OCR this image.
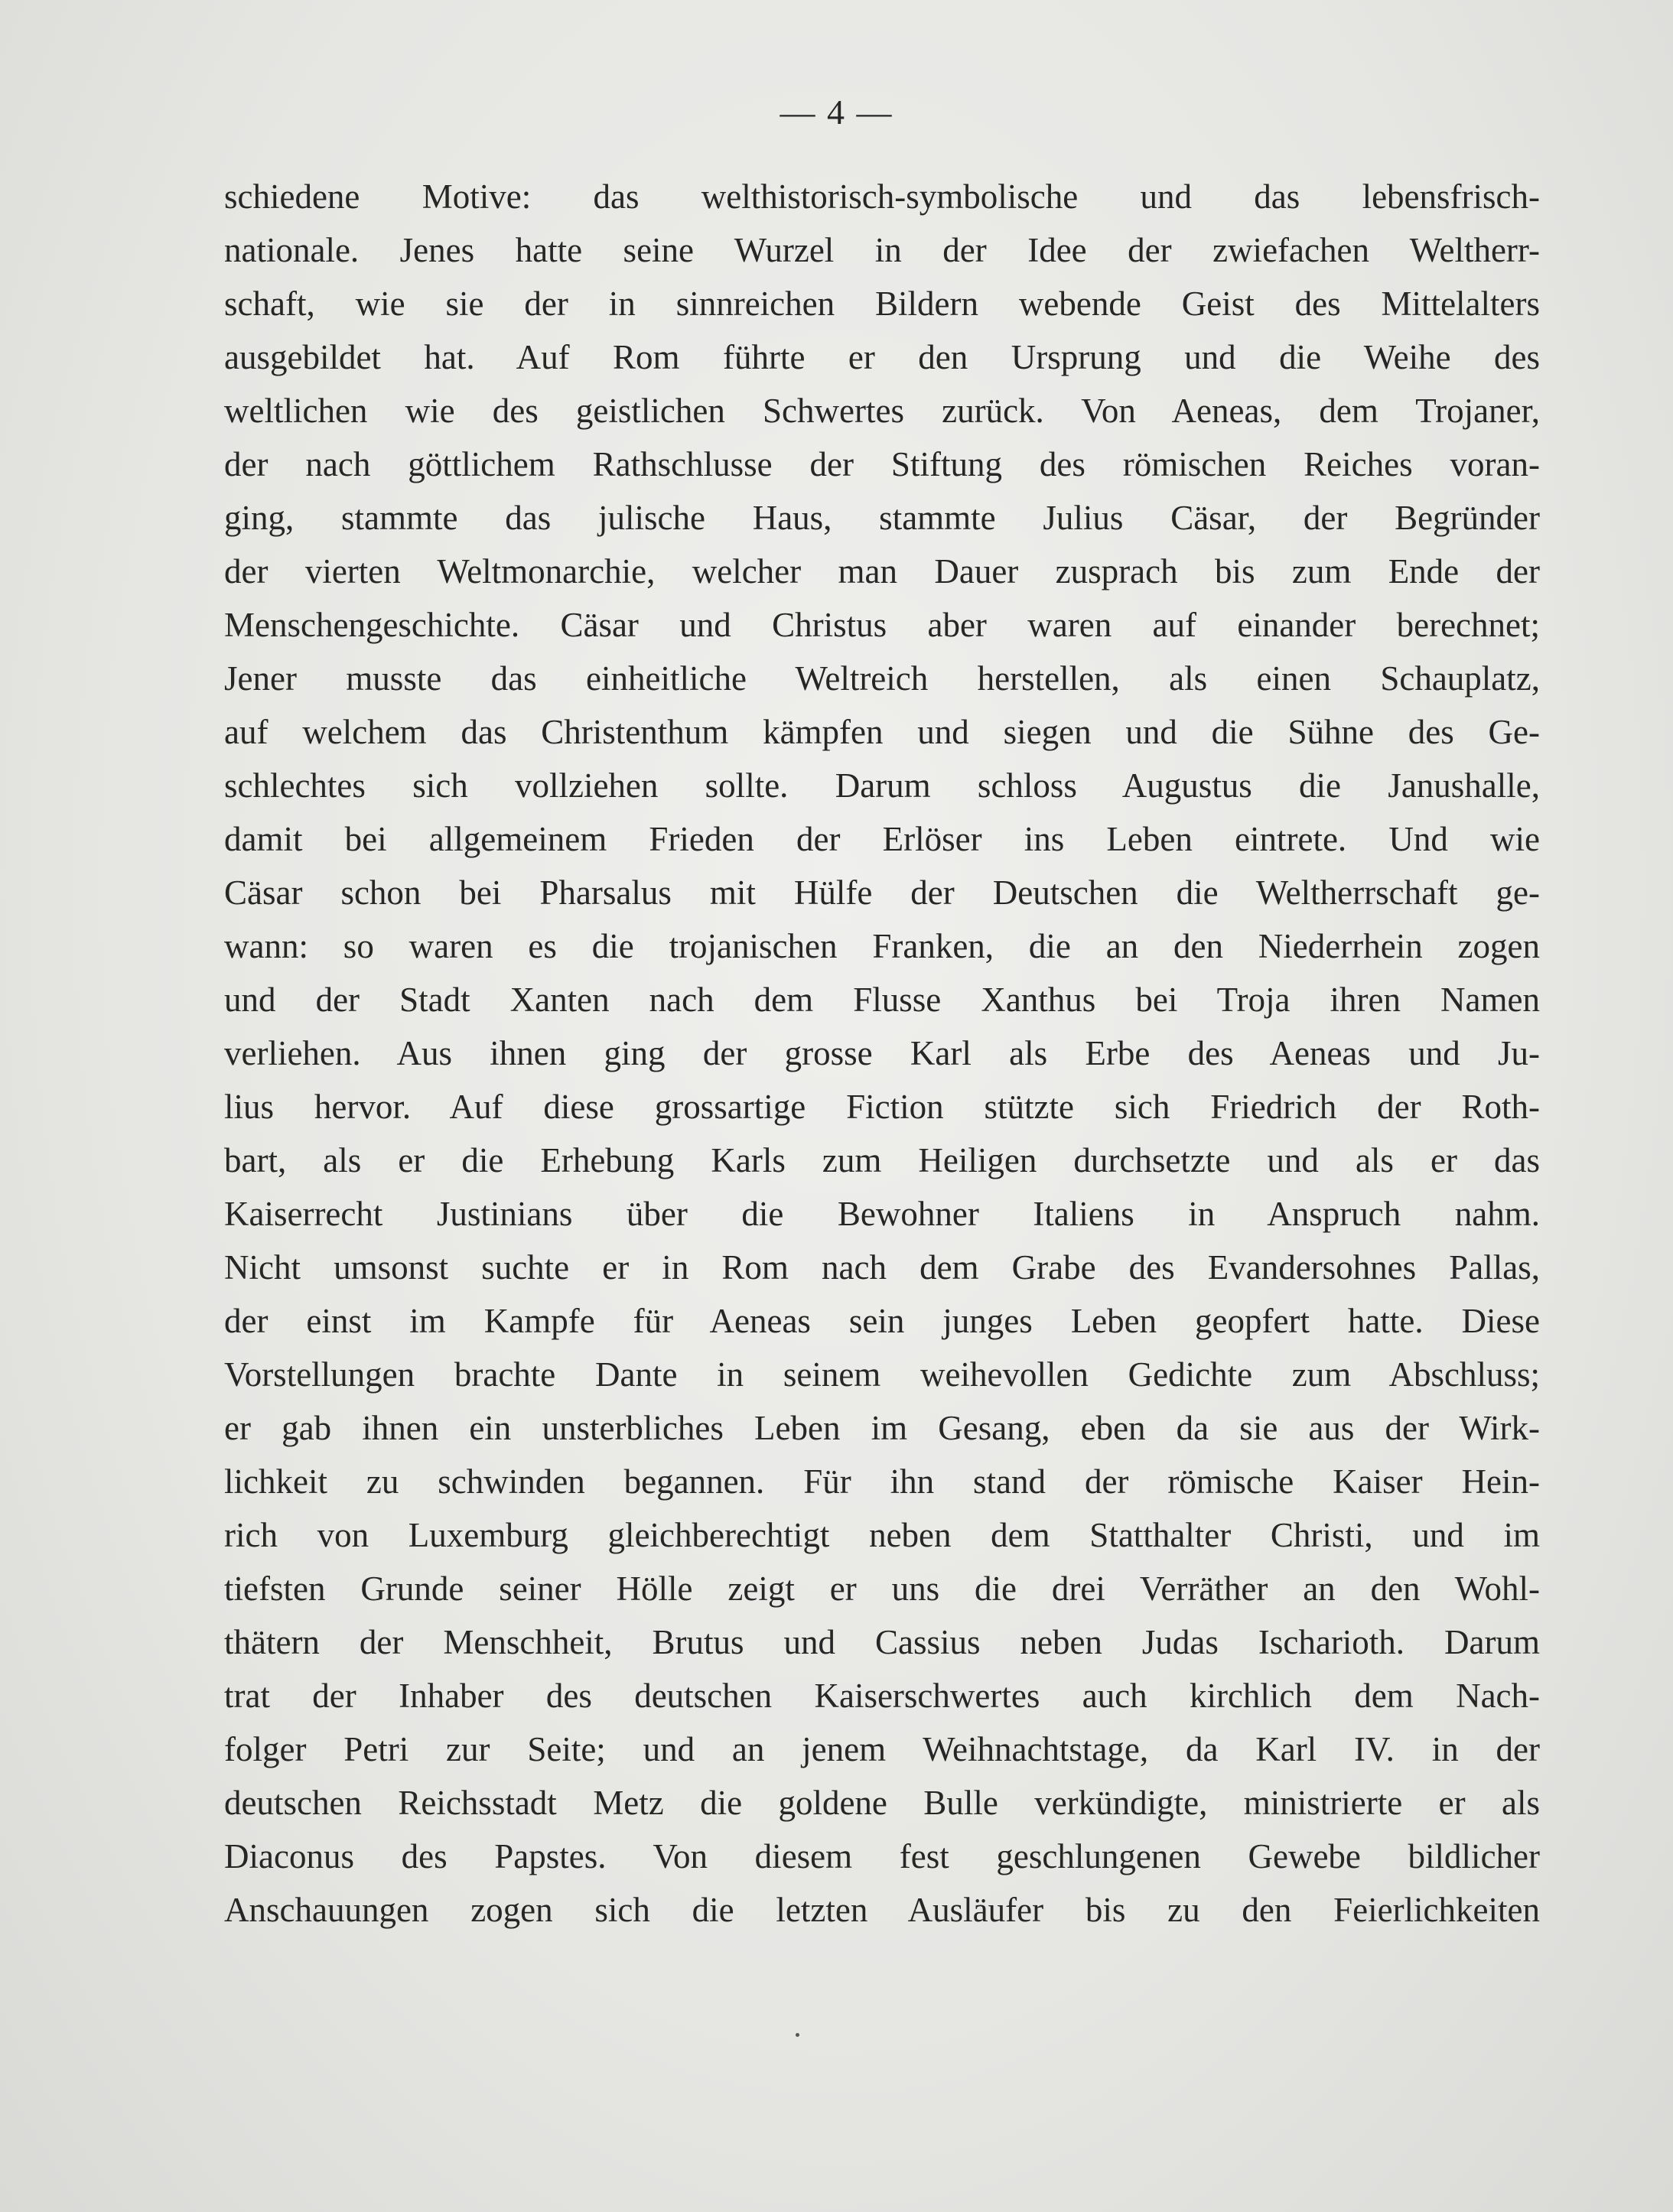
— 4 —
schiedene Motive: das welthistorisch-symbolische und das lebensfrisch-
nationale. Jenes hatte seine Wurzel in der Idee der zwiefachen Weltherr-
schaft, wie sie der in sinnreichen Bildern webende Geist des Mittelalters
ausgebildet hat. Auf Rom führte er den Ursprung und die Weihe des
weltlichen wie des geistlichen Schwertes zurück. Von Aeneas, dem Trojaner,
der nach göttlichem Rathschlusse der Stiftung des römischen Reiches voran-
ging, stammte das julische Haus, stammte Julius Cäsar, der Begründer
der vierten Weltmonarchie, welcher man Dauer zusprach bis zum Ende der
Menschengeschichte. Cäsar und Christus aber waren auf einander berechnet;
Jener musste das einheitliche Weltreich herstellen, als einen Schauplatz,
auf welchem das Christenthum kämpfen und siegen und die Sühne des Ge-
schlechtes sich vollziehen sollte. Darum schloss Augustus die Janushalle,
damit bei allgemeinem Frieden der Erlöser ins Leben eintrete. Und wie
Cäsar schon bei Pharsalus mit Hülfe der Deutschen die Weltherrschaft ge-
wann: so waren es die trojanischen Franken, die an den Niederrhein zogen
und der Stadt Xanten nach dem Flusse Xanthus bei Troja ihren Namen
verliehen. Aus ihnen ging der grosse Karl als Erbe des Aeneas und Ju-
lius hervor. Auf diese grossartige Fiction stützte sich Friedrich der Roth-
bart, als er die Erhebung Karls zum Heiligen durchsetzte und als er das
Kaiserrecht Justinians über die Bewohner Italiens in Anspruch nahm.
Nicht umsonst suchte er in Rom nach dem Grabe des Evandersohnes Pallas,
der einst im Kampfe für Aeneas sein junges Leben geopfert hatte. Diese
Vorstellungen brachte Dante in seinem weihevollen Gedichte zum Abschluss;
er gab ihnen ein unsterbliches Leben im Gesang, eben da sie aus der Wirk-
lichkeit zu schwinden begannen. Für ihn stand der römische Kaiser Hein-
rich von Luxemburg gleichberechtigt neben dem Statthalter Christi, und im
tiefsten Grunde seiner Hölle zeigt er uns die drei Verräther an den Wohl-
thätern der Menschheit, Brutus und Cassius neben Judas Ischarioth. Darum
trat der Inhaber des deutschen Kaiserschwertes auch kirchlich dem Nach-
folger Petri zur Seite; und an jenem Weihnachtstage, da Karl IV. in der
deutschen Reichsstadt Metz die goldene Bulle verkündigte, ministrierte er als
Diaconus des Papstes. Von diesem fest geschlungenen Gewebe bildlicher
Anschauungen zogen sich die letzten Ausläufer bis zu den Feierlichkeiten
